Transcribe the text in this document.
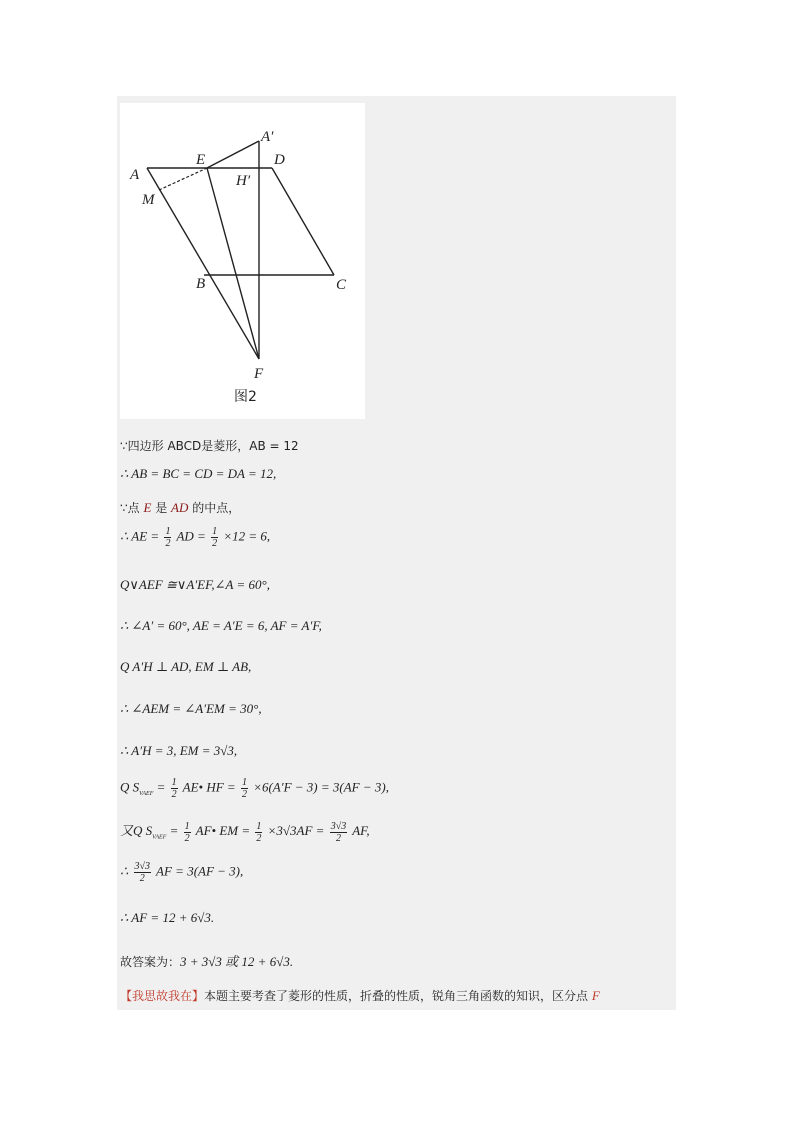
A
A′
E	D
H′
M
B	C
F
图2
∵四边形 ABCD是菱形，AB = 12
∴ AB = BC = CD = DA = 12,
∵点 E 是 AD 的中点，
∴ AE = $\frac{1}{2}$ AD = $\frac{1}{2} \times 12 = 6$,
Q∨AEF ≅∨A′EF,∠A = 60°,
∴ ∠A′ = 60°, AE = A′E = 6, AF = A′F,
Q A′H ⊥ AD, EM ⊥ AB,
∴ ∠AEM = ∠A′EM = 30°,
∴ A′H = 3, EM = 3√3,
Q $S_{VAEF} = \frac{1}{2}$ AE• HF = $\frac{1}{2} \times 6(A'F - 3) = 3(AF - 3)$,
又Q $S_{VAEF} = \frac{1}{2}$ AF• EM = $\frac{1}{2} \times 3√3AF = \frac{3√3}{2}$ AF,
∴ $\frac{3√3}{2}$ AF = 3(AF − 3),
∴ AF = 12 + 6√3.
故答案为：3 + 3√3 或 12 + 6√3.
【我思故我在】本题主要考查了菱形的性质，折叠的性质，锐角三角函数的知识，区分点 F
